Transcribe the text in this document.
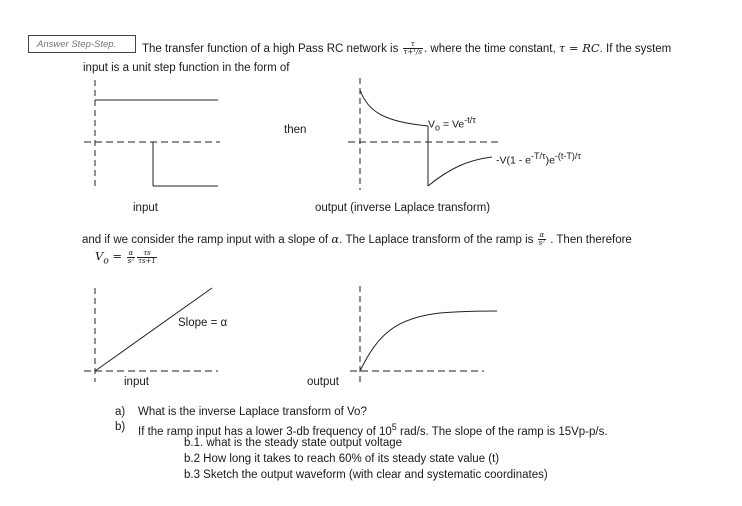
Answer Step-Step.	The transfer function of a high Pass RC network is $\frac{\tau}{\text{τ+¹/s}}$ . where the time constant, τ = RC. If the system
input is a unit step function in the form of
then	$V_o = Ve^{-t/\tau}$
$-V(1 - e^{-T/\tau})e^{-(t-T)/\tau}$
input	output (inverse Laplace transform)
and if we consider the ramp input with a slope of α. The Laplace transform of the ramp is $\frac{\alpha}{\text{s²}}$ . Then therefore
$V_o = \frac{\alpha}{\text{s²}} \frac{\tau s}{\tau s+1}$
Slope = α
input	output
a) What is the inverse Laplace transform of Vo?
b) If the ramp input has a lower 3-db frequency of $10^5$ rad/s. The slope of the ramp is 15Vp-p/s.
b.1. what is the steady state output voltage
b.2 How long it takes to reach 60% of its steady state value (t)
b.3 Sketch the output waveform (with clear and systematic coordinates)
